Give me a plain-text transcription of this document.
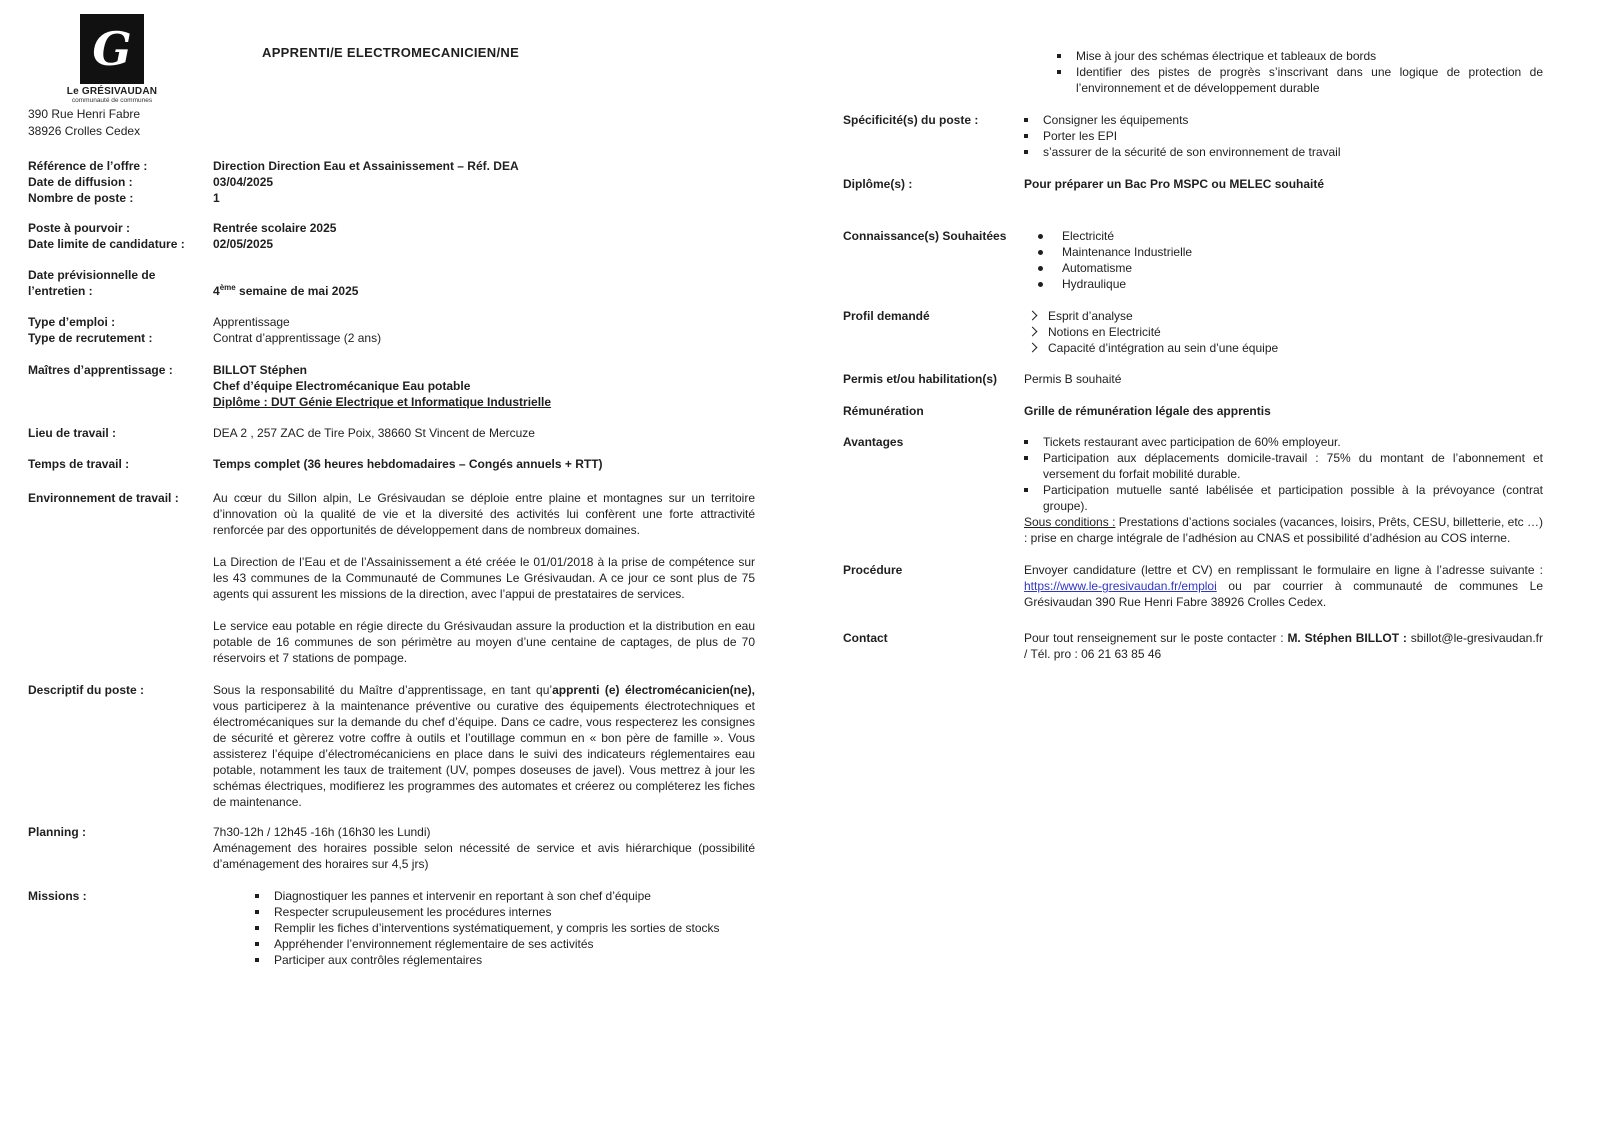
G
Le GRÉSIVAUDAN
communauté de communes
APPRENTI/E ELECTROMECANICIEN/NE
390 Rue Henri Fabre
38926 Crolles Cedex
Référence de l’offre :	Direction Direction Eau et Assainissement – Réf. DEA
Date de diffusion :	03/04/2025
Nombre de poste :	1
Poste à pourvoir :	Rentrée scolaire 2025
Date limite de candidature :	02/05/2025
Date prévisionnelle de
l’entretien :	4ème semaine de mai 2025
Type d’emploi :	Apprentissage
Type de recrutement :	Contrat d’apprentissage (2 ans)
Maîtres d’apprentissage :	BILLOT Stéphen
Chef d’équipe Electromécanique Eau potable
Diplôme : DUT Génie Electrique et Informatique Industrielle
Lieu de travail :	DEA 2 , 257 ZAC de Tire Poix, 38660 St Vincent de Mercuze
Temps de travail :	Temps complet (36 heures hebdomadaires – Congés annuels + RTT)
Environnement de travail :	Au cœur du Sillon alpin, Le Grésivaudan se déploie entre plaine et montagnes sur un territoire d’innovation où la qualité de vie et la diversité des activités lui confèrent une forte attractivité renforcée par des opportunités de développement dans de nombreux domaines.
La Direction de l’Eau et de l’Assainissement a été créée le 01/01/2018 à la prise de compétence sur les 43 communes de la Communauté de Communes Le Grésivaudan. A ce jour ce sont plus de 75 agents qui assurent les missions de la direction, avec l’appui de prestataires de services.
Le service eau potable en régie directe du Grésivaudan assure la production et la distribution en eau potable de 16 communes de son périmètre au moyen d’une centaine de captages, de plus de 70 réservoirs et 7 stations de pompage.
Descriptif du poste :	Sous la responsabilité du Maître d’apprentissage, en tant qu’apprenti (e) électromécanicien(ne), vous participerez à la maintenance préventive ou curative des équipements électrotechniques et électromécaniques sur la demande du chef d’équipe. Dans ce cadre, vous respecterez les consignes de sécurité et gèrerez votre coffre à outils et l’outillage commun en « bon père de famille ». Vous assisterez l’équipe d’électromécaniciens en place dans le suivi des indicateurs réglementaires eau potable, notamment les taux de traitement (UV, pompes doseuses de javel). Vous mettrez à jour les schémas électriques, modifierez les programmes des automates et créerez ou compléterez les fiches de maintenance.
Planning :	7h30-12h / 12h45 -16h (16h30 les Lundi)
Aménagement des horaires possible selon nécessité de service et avis hiérarchique (possibilité d’aménagement des horaires sur 4,5 jrs)
Missions :	Diagnostiquer les pannes et intervenir en reportant à son chef d’équipe
Respecter scrupuleusement les procédures internes
Remplir les fiches d’interventions systématiquement, y compris les sorties de stocks
Appréhender l’environnement réglementaire de ses activités
Participer aux contrôles réglementaires
Mise à jour des schémas électrique et tableaux de bords
Identifier des pistes de progrès s’inscrivant dans une logique de protection de l’environnement et de développement durable
Spécificité(s) du poste :	Consigner les équipements
Porter les EPI
s’assurer de la sécurité de son environnement de travail
Diplôme(s) :	Pour préparer un Bac Pro MSPC ou MELEC souhaité
Connaissance(s) Souhaitées	Electricité
Maintenance Industrielle
Automatisme
Hydraulique
Profil demandé	Esprit d’analyse
Notions en Electricité
Capacité d’intégration au sein d’une équipe
Permis et/ou habilitation(s)	Permis B souhaité
Rémunération	Grille de rémunération légale des apprentis
Avantages	Tickets restaurant avec participation de 60% employeur.
Participation aux déplacements domicile-travail : 75% du montant de l’abonnement et versement du forfait mobilité durable.
Participation mutuelle santé labélisée et participation possible à la prévoyance (contrat groupe).
Sous conditions : Prestations d’actions sociales (vacances, loisirs, Prêts, CESU, billetterie, etc …) : prise en charge intégrale de l’adhésion au CNAS et possibilité d’adhésion au COS interne.
Procédure	Envoyer candidature (lettre et CV) en remplissant le formulaire en ligne à l’adresse suivante : https://www.le-gresivaudan.fr/emploi ou par courrier à communauté de communes Le Grésivaudan 390 Rue Henri Fabre 38926 Crolles Cedex.
Contact	Pour tout renseignement sur le poste contacter : M. Stéphen BILLOT : sbillot@le-gresivaudan.fr / Tél. pro : 06 21 63 85 46
